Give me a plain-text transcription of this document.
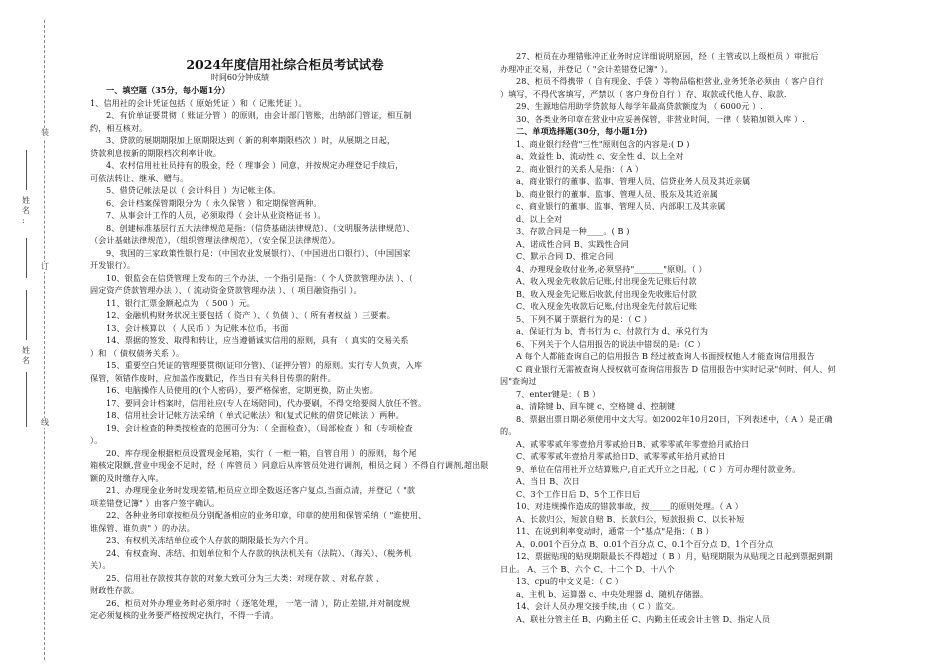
装
订
线
姓
名
:
姓
名
2024年度信用社综合柜员考试试卷
时间60分钟成绩

一、填空题（35分，每小题1分）

1、信用社的会计凭证包括（ 原始凭证 ）和（ 记账凭证 ）。

2、有价单证要贯彻（ 账证分管 ）的原则，由会计部门管账，出纳部门管证，相互制

约，相互核对。

3、贷款的展期期限加上原期限达到（ 新的利率期限档次 ）时，从展期之日起，

贷款利息按新的期限档次利率计收。

4、农村信用社社员持有的股金，经（ 理事会 ）同意，并按规定办理登记手续后，

可依法转让、继承、赠与。

5、借贷记帐法是以（ 会计科目 ）为记帐主体。

6、会计档案保管期限分为（ 永久保管 ）和定期保管两种。

7、从事会计工作的人员，必须取得（ 会计从业资格证书 ）。

8、创建标准基层行五大法律规范是指：（信贷基础法律规范）、（文明服务法律规范）、

（会计基础法律规范），（组织管理法律规范），（安全保卫法律规范）。

9、我国的三家政策性银行是：（中国农业发展银行）、（中国进出口银行）、（中国国家

开发银行）。

10、银监会在信贷管理上发布的三个办法、一个指引是指：（ 个人贷款管理办法 ）、（

固定资产贷款管理办法 ）、（ 流动资金贷款管理办法 ）、（ 项目融资指引 ）。

11、银行汇票金额起点为 （ 500 ）元。

12、金融机构财务状况主要包括（ 资产 ）、（ 负债 ）、（ 所有者权益 ）三要素。

13、会计核算以 （ 人民币 ）为记帐本位币，书面

14、票据的签发、取得和转让，应当遵循诚实信用的原则，具有 （ 真实的交易关系

）和 （ 债权债务关系 ）。

15、重要空白凭证的管理要贯彻(证印分管)、（证押分管）的原则。实行专人负责，入库

保管，领错作废时，应加盖作废戳记，作当日有关科目传票的附件。

16、电脑操作人员使用的(个人密码），要严格保密，定期更换，防止失密。

17、要同会计档案时，信用社应(专人在场陪同)，代办要刷，不得交给要阅人放任不管。

18、信用社会计记帐方法采纳（ 单式记帐法）和(复式记帐的借贷记帐法 ）两种。

19、会计检查的种类按检查的范围可分为：（ 全面检查），（局部检查 ）和（专项检查

）。

20、库存现金根据柜员设置现金尾箱，实行（ 一柜一箱，自管自用 ）的原则，每个尾

箱核定限额,营业中现金不足时，经（ 库管员 ）同意后从库管员处进行调剂，相员之间 ）不得自行调剂,超出限

额的及时缴存入库。

21、办理现金业务时发现差错,柜员应立即全数返还客户复点,当面点清，并登记（ "款

项差错登记簿" ）由客户签字确认。

22、各种业务印章按柜员分别配备相应的业务印章，印章的使用和保管采纳（ "谁使用、

谁保管、谁负责" ）的办法。

23、有权机关冻结单位或个人存款的期限最长为六个月。

24、有权查询、冻结、扣划单位和个人存款的执法机关有（法院）、（海关）、（税务机

关）。

25、信用社存款按其存款的对象大致可分为三大类：对现存款 、对私存款 、

财政性存款。

26、柜员对外办理业务时必须序时（ 逐笔处理， 一笔一清 ），防止差错,并对制度规

定必须复核的业务要严格按规定执行，不得一手清。

27、柜员在办理错账冲正业务时应详细说明原因，经（ 主管或以上级柜员 ）审批后

办理冲正交易，并登记（ "会计差错登记簿" ）。

28、柜员不得携带（ 自有现金、手袋 ）等物品临柜营业,业务凭条必须由（ 客户自行

）填写，不得代客填写，严禁以（ 客户身份自行 ）存、取款或代他人存、取款.

29、生源地信用助学贷款每人每学年最高贷款额度为 （ 6000元 ）.

30、各类业务印章在营业中应妥善保管，非营业时间，一律（ 装箱加锁入库 ）.

二、单项选择题(30分，每小题1分)

1、商业银行经营"三性"原则包含的内容是:( D )

a、效益性 b、流动性 c、安全性 d、以上全对

2、商业银行的关系人是指：（ A ）

a、商业银行的董事、监事、管理人员、信贷业务人员及其近亲属

b、商业银行的董事、监事、管理人员、股东及其近亲属

c、商业银行的董事、监事、管理人员、内部职工及其亲属

d、以上全对

3、存款合同是一种____。( B )

A、诺成性合同 B、实践性合同

C、默示合同 D、推定合同

4、办理现金收付业务,必须坚持"_______"原则。（ ）

A、收入现金先收款后记账,付出现金先记账后付款

B、收入现金先记账后收款,付出现金先收账后付款

C、收入现金先收款后记账,付出现金先付款后记账

5、下列不属于票据行为的是：（ C ）

a、保证行为 b、背书行为 c、付款行为 d、承兑行为

6、下列关于个人信用报告的说法中错误的是:（C ）

A 每个人都能查询自己的信用报告 B 经过被查询人书面授权他人才能查询信用报告

C 商业银行无需被查询人授权就可查询信用报告 D 信用报告中实时记录"何时、何人、何

因"查询过

7、enter键是：（ B ）

a、清除键 b、回车键 c、空格键 d、控制键

8、票据出票日期必须使用中文大写。如2002年10月20日，下列表述中，（ A ）是正确

的。

A、贰零零贰年零壹拾月零贰拾日B、贰零零贰年零壹拾月贰拾日

C、贰零零贰年壹拾月零贰拾日D、贰零零贰年拾月贰拾日

9、单位在信用社开立结算账户,自正式开立之日起,（ C ）方可办理付款业务。

A、当日 B、次日

C、3个工作日后 D、5个工作日后

10、对违规操作造成的错款事故，按_____的原则处理。（ A ）

A、长款归公，短款自赔 B、长款归公，短款报损 C、以长补短

11、在说到利率变动时，通常一个"基点"是指：（ B ）

A、0.001个百分点 B、0.01个百分点 C、0.1个百分点 D、1个百分点

12、票据贴现的贴现期限最长不得超过（ B ）月，贴现期限为从贴现之日起到票据到期

日止。 A、三个 B、六个 C、十二个 D、十八个

13、cpu的中文义是：（ C ）

a、主机 b、运算器 c、中央处理器 d、随机存储器。

14、会计人员办理交接手续,由（ C ）监交。

A、联社分管主任 B、内勤主任 C、内勤主任或会计主管 D、指定人员
